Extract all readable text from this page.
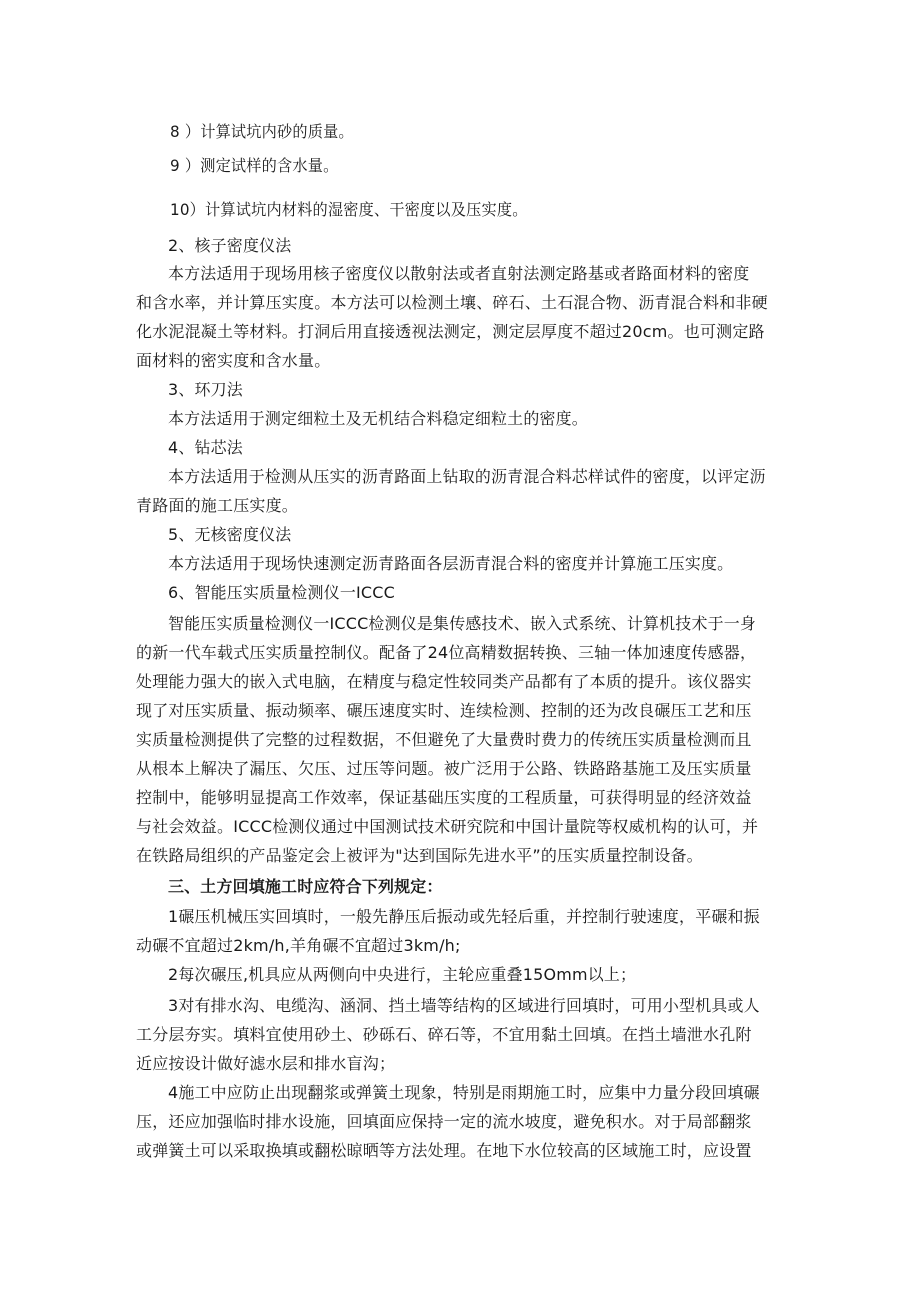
8 ）计算试坑内砂的质量。
9 ）测定试样的含水量。
10）计算试坑内材料的湿密度、干密度以及压实度。
2、核子密度仪法
本方法适用于现场用核子密度仪以散射法或者直射法测定路基或者路面材料的密度
和含水率，并计算压实度。本方法可以检测土壤、碎石、土石混合物、沥青混合料和非硬
化水泥混凝土等材料。打洞后用直接透视法测定，测定层厚度不超过20cm。也可测定路
面材料的密实度和含水量。
3、环刀法
本方法适用于测定细粒土及无机结合料稳定细粒土的密度。
4、钻芯法
本方法适用于检测从压实的沥青路面上钻取的沥青混合料芯样试件的密度，以评定沥
青路面的施工压实度。
5、无核密度仪法
本方法适用于现场快速测定沥青路面各层沥青混合料的密度并计算施工压实度。
6、智能压实质量检测仪一ICCC
智能压实质量检测仪一ICCC检测仪是集传感技术、嵌入式系统、计算机技术于一身
的新一代车载式压实质量控制仪。配备了24位高精数据转换、三轴一体加速度传感器，
处理能力强大的嵌入式电脑，在精度与稳定性较同类产品都有了本质的提升。该仪器实
现了对压实质量、振动频率、碾压速度实时、连续检测、控制的还为改良碾压工艺和压
实质量检测提供了完整的过程数据，不但避免了大量费时费力的传统压实质量检测而且
从根本上解决了漏压、欠压、过压等问题。被广泛用于公路、铁路路基施工及压实质量
控制中，能够明显提高工作效率，保证基础压实度的工程质量，可获得明显的经济效益
与社会效益。ICCC检测仪通过中国测试技术研究院和中国计量院等权威机构的认可，并
在铁路局组织的产品鉴定会上被评为"达到国际先进水平”的压实质量控制设备。
三、土方回填施工时应符合下列规定：
1碾压机械压实回填时，一般先静压后振动或先轻后重，并控制行驶速度，平碾和振
动碾不宜超过2km/h,羊角碾不宜超过3km/h;
2每次碾压,机具应从两侧向中央进行，主轮应重叠15Omm以上；
3对有排水沟、电缆沟、涵洞、挡土墙等结构的区域进行回填时，可用小型机具或人
工分层夯实。填料宜使用砂土、砂砾石、碎石等，不宜用黏土回填。在挡土墙泄水孔附
近应按设计做好滤水层和排水盲沟；
4施工中应防止出现翻浆或弹簧土现象，特别是雨期施工时，应集中力量分段回填碾
压，还应加强临时排水设施，回填面应保持一定的流水坡度，避免积水。对于局部翻浆
或弹簧土可以采取换填或翻松晾晒等方法处理。在地下水位较高的区域施工时，应设置
